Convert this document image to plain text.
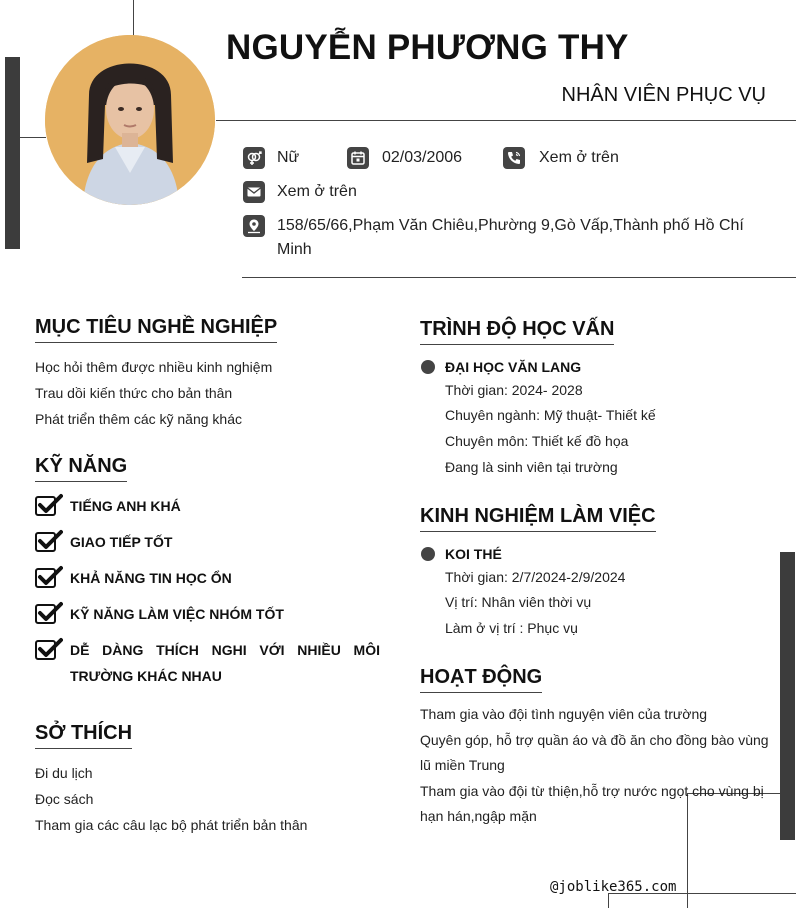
NGUYỄN PHƯƠNG THY
NHÂN VIÊN PHỤC VỤ
Nữ	02/03/2006	Xem ở trên
Xem ở trên
158/65/66,Phạm Văn Chiêu,Phường 9,Gò Vấp,Thành phố Hồ Chí Minh
MỤC TIÊU NGHỀ NGHIỆP
Học hỏi thêm được nhiều kinh nghiệm
Trau dồi kiến thức cho bản thân
Phát triển thêm các kỹ năng khác
KỸ NĂNG
TIẾNG ANH KHÁ
GIAO TIẾP TỐT
KHẢ NĂNG TIN HỌC ỔN
KỸ NĂNG LÀM VIỆC NHÓM TỐT
DỄ DÀNG THÍCH NGHI VỚI NHIỀU MÔI TRƯỜNG KHÁC NHAU
SỞ THÍCH
Đi du lịch
Đọc sách
Tham gia các câu lạc bộ phát triển bản thân
TRÌNH ĐỘ HỌC VẤN
ĐẠI HỌC VĂN LANG
Thời gian: 2024- 2028
Chuyên ngành: Mỹ thuật- Thiết kế
Chuyên môn: Thiết kế đồ họa
Đang là sinh viên tại trường
KINH NGHIỆM LÀM VIỆC
KOI THÉ
Thời gian: 2/7/2024-2/9/2024
Vị trí: Nhân viên thời vụ
Làm ở vị trí : Phục vụ
HOẠT ĐỘNG
Tham gia vào đội tình nguyện viên của trường
Quyên góp, hỗ trợ quần áo và đồ ăn cho đồng bào vùng lũ miền Trung
Tham gia vào đội từ thiện,hỗ trợ nước ngọt cho vùng bị hạn hán,ngập mặn
@joblike365.com
